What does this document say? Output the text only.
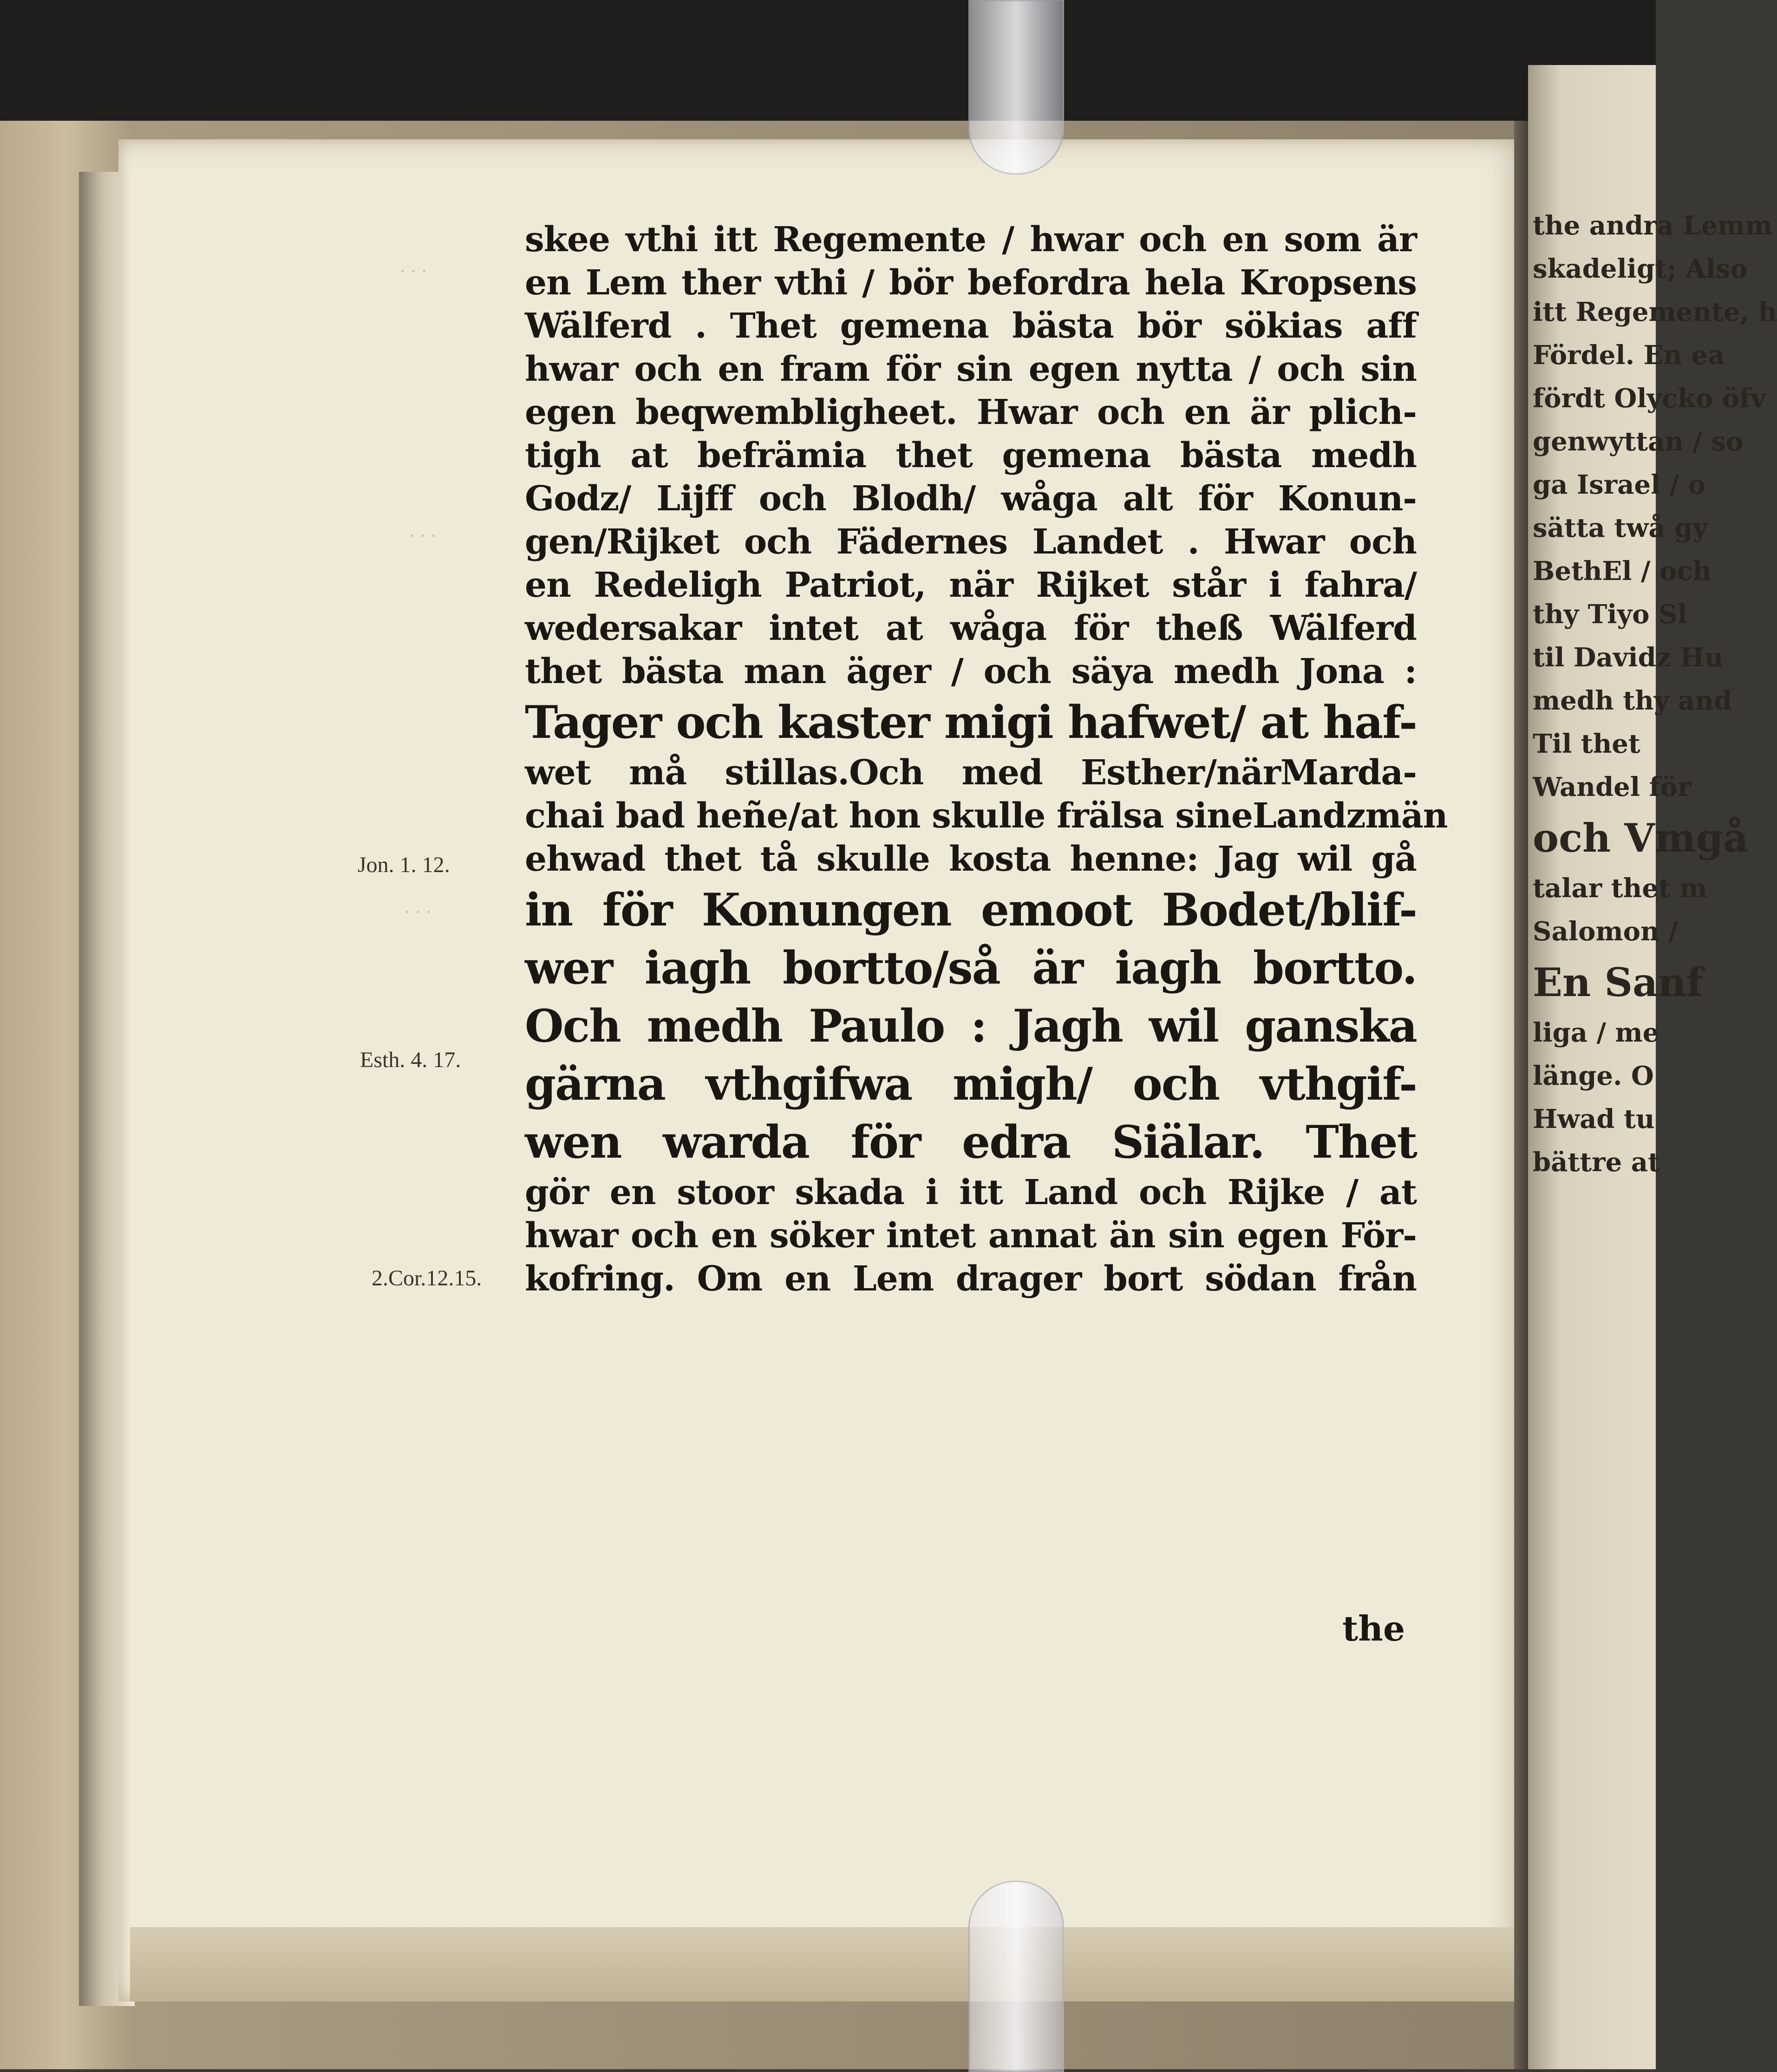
· · ·
· · ·
· · ·
skee vthi itt Regemente / hwar och en som är
en Lem ther vthi / bör befordra hela Kropsens
Wälferd . Thet gemena bästa bör sökias aff
hwar och en fram för sin egen nytta / och sin
egen beqwembligheet. Hwar och en är plich-
tigh at befrämia thet gemena bästa medh
Godz/ Lijff och Blodh/ wåga alt för Konun-
gen/Rijket och Fädernes Landet . Hwar och
en Redeligh Patriot, när Rijket står i fahra/
wedersakar intet at wåga för theß Wälferd
thet bästa man äger / och säya medh Jona :
Tager och kaster migi hafwet/ at haf-
wet må stillas.Och med Esther/närMarda-
chai bad heñe/at hon skulle frälsa sineLandzmän
ehwad thet tå skulle kosta henne: Jag wil gå
in för Konungen emoot Bodet/blif-
wer iagh bortto/så är iagh bortto.
Och medh Paulo : Jagh wil ganska
gärna vthgifwa migh/ och vthgif-
wen warda för edra Siälar. Thet
gör en stoor skada i itt Land och Rijke / at
hwar och en söker intet annat än sin egen För-
kofring. Om en Lem drager bort södan från
the
Jon. 1. 12.
Esth. 4. 17.
2.Cor.12.15.
the andra Lemm
skadeligt; Also
itt Regemente, h
Fördel. En ea
fördt Olycko öfv
genwyttan / so
ga Israel / o
sätta twå gy
BethEl / och
thy Tiyo Sl
til Davidz Hu
medh thy and
Til thet
Wandel för
och Vmgå
talar thet m
Salomon /
En Sanf
liga / me
länge. O
Hwad tu
bättre at
